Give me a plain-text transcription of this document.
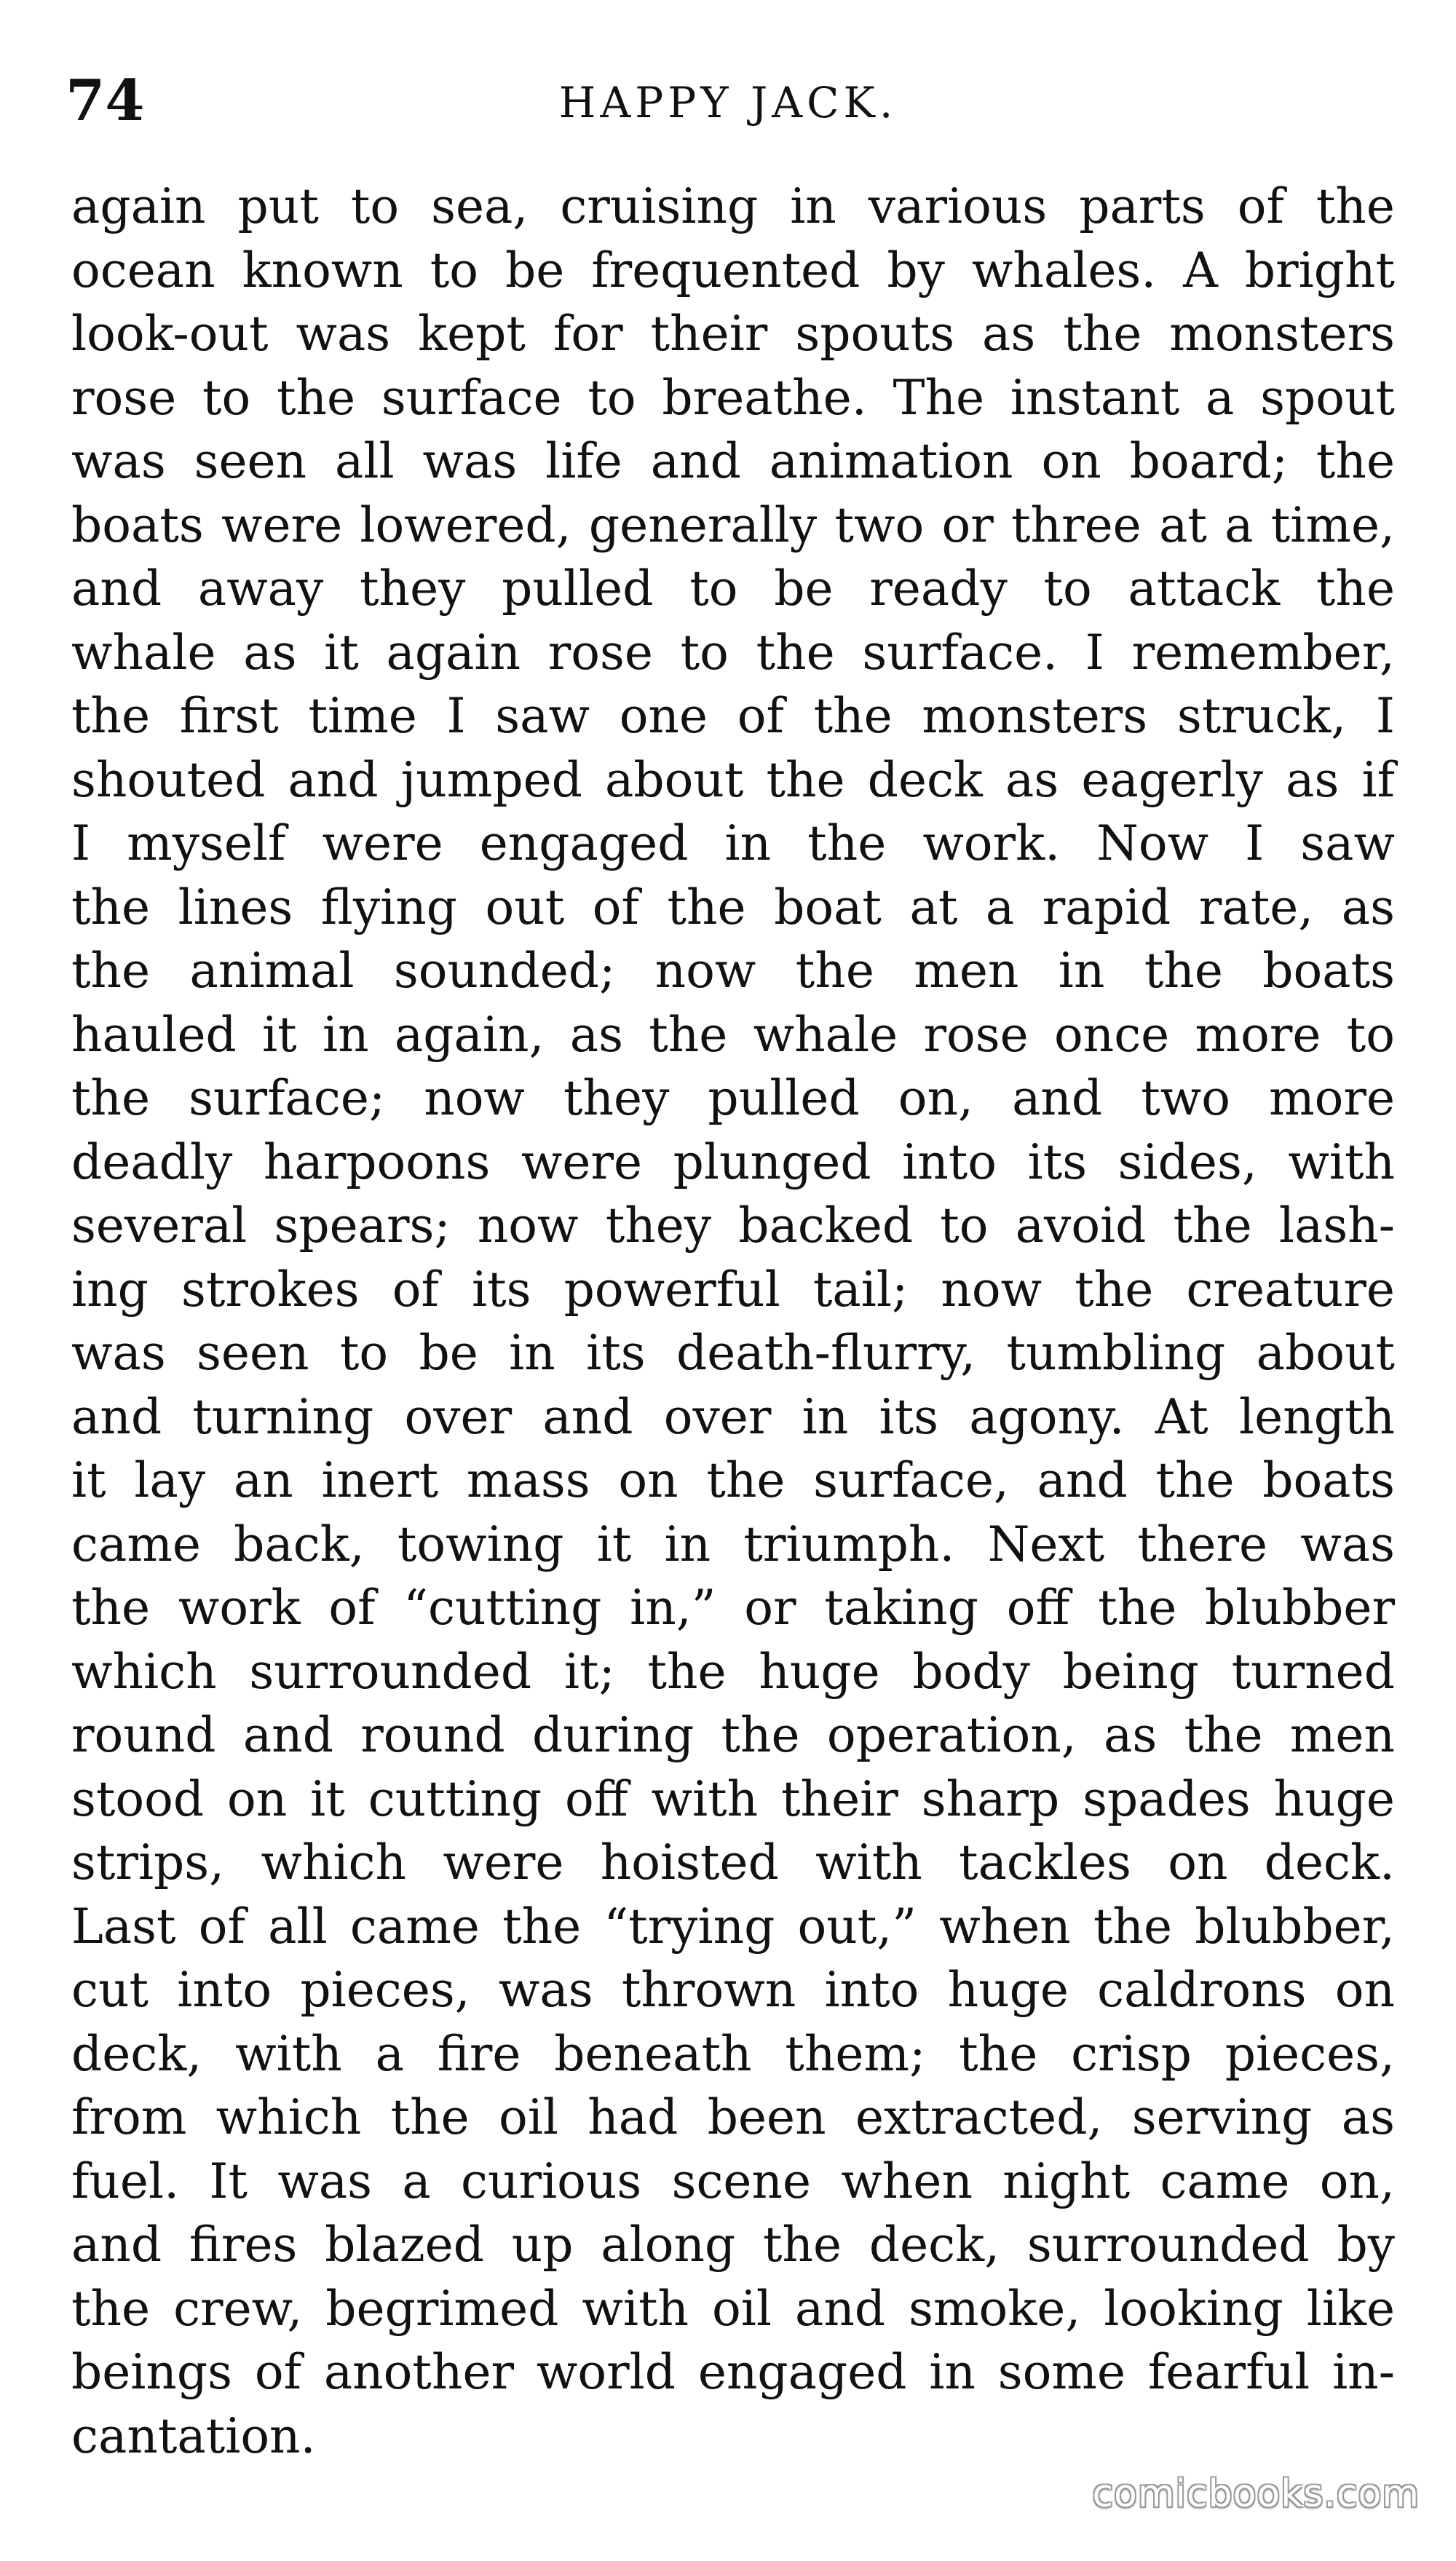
74	HAPPY JACK.
again put to sea, cruising in various parts of the
ocean known to be frequented by whales. A bright
look-out was kept for their spouts as the monsters
rose to the surface to breathe. The instant a spout
was seen all was life and animation on board; the
boats were lowered, generally two or three at a time,
and away they pulled to be ready to attack the
whale as it again rose to the surface. I remember,
the first time I saw one of the monsters struck, I
shouted and jumped about the deck as eagerly as if
I myself were engaged in the work. Now I saw
the lines flying out of the boat at a rapid rate, as
the animal sounded; now the men in the boats
hauled it in again, as the whale rose once more to
the surface; now they pulled on, and two more
deadly harpoons were plunged into its sides, with
several spears; now they backed to avoid the lash-
ing strokes of its powerful tail; now the creature
was seen to be in its death-flurry, tumbling about
and turning over and over in its agony. At length
it lay an inert mass on the surface, and the boats
came back, towing it in triumph. Next there was
the work of “cutting in,” or taking off the blubber
which surrounded it; the huge body being turned
round and round during the operation, as the men
stood on it cutting off with their sharp spades huge
strips, which were hoisted with tackles on deck.
Last of all came the “trying out,” when the blubber,
cut into pieces, was thrown into huge caldrons on
deck, with a fire beneath them; the crisp pieces,
from which the oil had been extracted, serving as
fuel. It was a curious scene when night came on,
and fires blazed up along the deck, surrounded by
the crew, begrimed with oil and smoke, looking like
beings of another world engaged in some fearful in-
cantation.
comicbooks.com
